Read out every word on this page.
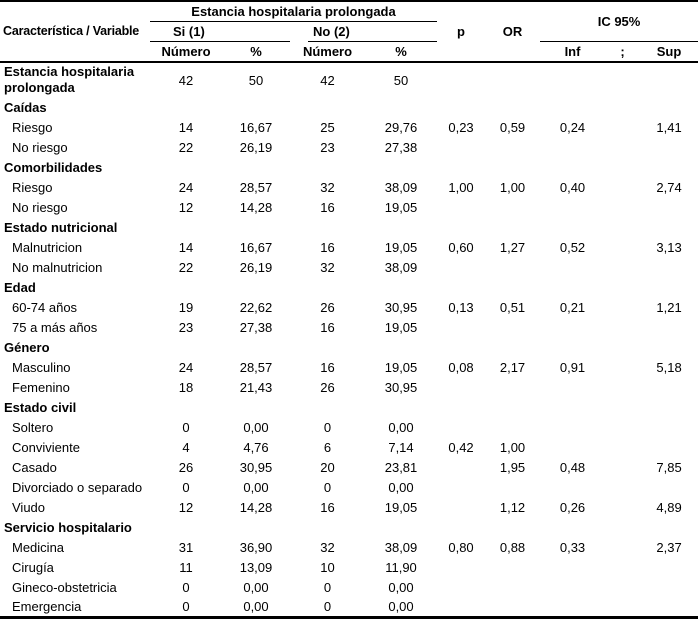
Característica / Variable	Estancia hospitalaria prolongada				p	OR	IC 95%		

	Si (1)		No (2)						

	Número	%	Número	%			Inf	;	Sup
Estancia hospitalaria prolongada	42	50	42	50					
Caídas									
Riesgo	14	16,67	25	29,76	0,23	0,59	0,24		1,41
No riesgo	22	26,19	23	27,38					
Comorbilidades									
Riesgo	24	28,57	32	38,09	1,00	1,00	0,40		2,74
No riesgo	12	14,28	16	19,05					
Estado nutricional									
Malnutricion	14	16,67	16	19,05	0,60	1,27	0,52		3,13
No malnutricion	22	26,19	32	38,09					
Edad									
60-74 años	19	22,62	26	30,95	0,13	0,51	0,21		1,21
75 a más años	23	27,38	16	19,05					
Género									
Masculino	24	28,57	16	19,05	0,08	2,17	0,91		5,18
Femenino	18	21,43	26	30,95					
Estado civil									
Soltero	0	0,00	0	0,00					
Conviviente	4	4,76	6	7,14	0,42	1,00			
Casado	26	30,95	20	23,81		1,95	0,48		7,85
Divorciado o separado	0	0,00	0	0,00					
Viudo	12	14,28	16	19,05		1,12	0,26		4,89
Servicio hospitalario									
Medicina	31	36,90	32	38,09	0,80	0,88	0,33		2,37
Cirugía	11	13,09	10	11,90					
Gineco-obstetricia	0	0,00	0	0,00					
Emergencia	0	0,00	0	0,00					
